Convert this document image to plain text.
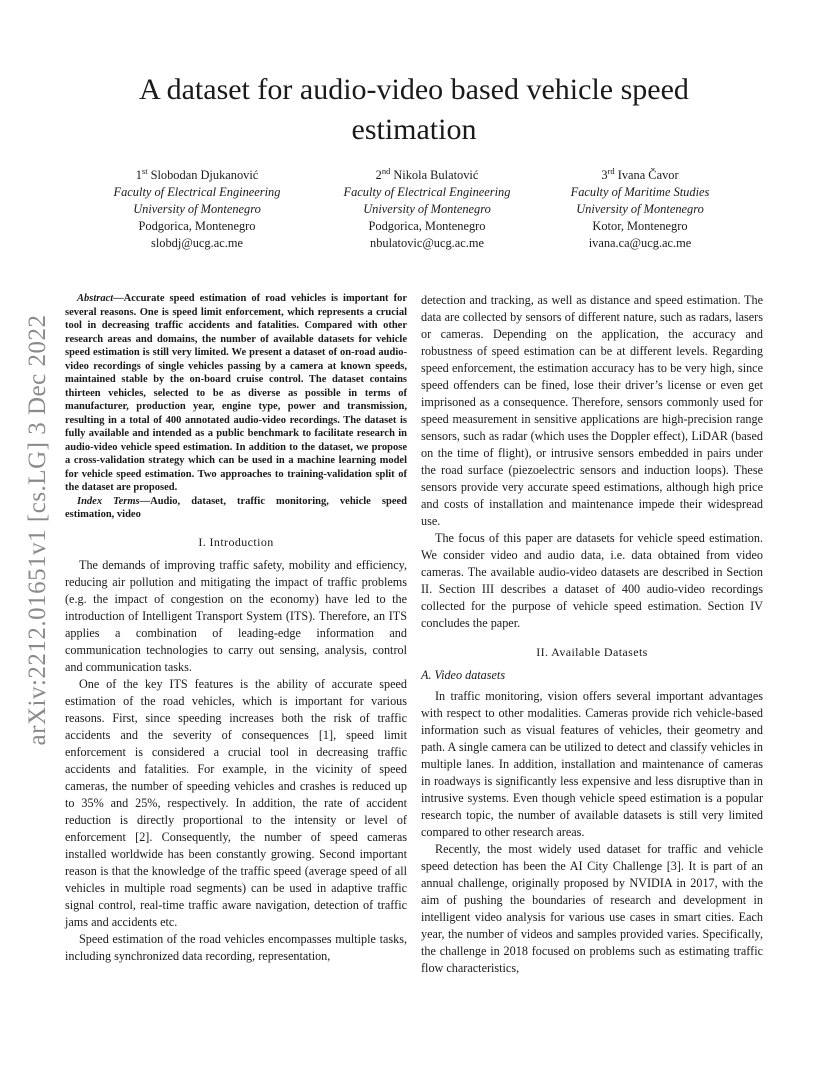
arXiv:2212.01651v1 [cs.LG] 3 Dec 2022
A dataset for audio-video based vehicle speed estimation
1st Slobodan Djukanović
Faculty of Electrical Engineering
University of Montenegro
Podgorica, Montenegro
slobdj@ucg.ac.me
2nd Nikola Bulatović
Faculty of Electrical Engineering
University of Montenegro
Podgorica, Montenegro
nbulatovic@ucg.ac.me
3rd Ivana Čavor
Faculty of Maritime Studies
University of Montenegro
Kotor, Montenegro
ivana.ca@ucg.ac.me

Abstract—Accurate speed estimation of road vehicles is important for several reasons. One is speed limit enforcement, which represents a crucial tool in decreasing traffic accidents and fatalities. Compared with other research areas and domains, the number of available datasets for vehicle speed estimation is still very limited. We present a dataset of on-road audio-video recordings of single vehicles passing by a camera at known speeds, maintained stable by the on-board cruise control. The dataset contains thirteen vehicles, selected to be as diverse as possible in terms of manufacturer, production year, engine type, power and transmission, resulting in a total of 400 annotated audio-video recordings. The dataset is fully available and intended as a public benchmark to facilitate research in audio-video vehicle speed estimation. In addition to the dataset, we propose a cross-validation strategy which can be used in a machine learning model for vehicle speed estimation. Two approaches to training-validation split of the dataset are proposed.

Index Terms—Audio, dataset, traffic monitoring, vehicle speed estimation, video

I. Introduction

The demands of improving traffic safety, mobility and efficiency, reducing air pollution and mitigating the impact of traffic problems (e.g. the impact of congestion on the economy) have led to the introduction of Intelligent Transport System (ITS). Therefore, an ITS applies a combination of leading-edge information and communication technologies to carry out sensing, analysis, control and communication tasks.

One of the key ITS features is the ability of accurate speed estimation of the road vehicles, which is important for various reasons. First, since speeding increases both the risk of traffic accidents and the severity of consequences [1], speed limit enforcement is considered a crucial tool in decreasing traffic accidents and fatalities. For example, in the vicinity of speed cameras, the number of speeding vehicles and crashes is reduced up to 35% and 25%, respectively. In addition, the rate of accident reduction is directly proportional to the intensity or level of enforcement [2]. Consequently, the number of speed cameras installed worldwide has been constantly growing. Second important reason is that the knowledge of the traffic speed (average speed of all vehicles in multiple road segments) can be used in adaptive traffic signal control, real-time traffic aware navigation, detection of traffic jams and accidents etc.

Speed estimation of the road vehicles encompasses multiple tasks, including synchronized data recording, representation,

detection and tracking, as well as distance and speed estimation. The data are collected by sensors of different nature, such as radars, lasers or cameras. Depending on the application, the accuracy and robustness of speed estimation can be at different levels. Regarding speed enforcement, the estimation accuracy has to be very high, since speed offenders can be fined, lose their driver’s license or even get imprisoned as a consequence. Therefore, sensors commonly used for speed measurement in sensitive applications are high-precision range sensors, such as radar (which uses the Doppler effect), LiDAR (based on the time of flight), or intrusive sensors embedded in pairs under the road surface (piezoelectric sensors and induction loops). These sensors provide very accurate speed estimations, although high price and costs of installation and maintenance impede their widespread use.

The focus of this paper are datasets for vehicle speed estimation. We consider video and audio data, i.e. data obtained from video cameras. The available audio-video datasets are described in Section II. Section III describes a dataset of 400 audio-video recordings collected for the purpose of vehicle speed estimation. Section IV concludes the paper.

II. Available Datasets
A. Video datasets

In traffic monitoring, vision offers several important advantages with respect to other modalities. Cameras provide rich vehicle-based information such as visual features of vehicles, their geometry and path. A single camera can be utilized to detect and classify vehicles in multiple lanes. In addition, installation and maintenance of cameras in roadways is significantly less expensive and less disruptive than in intrusive systems. Even though vehicle speed estimation is a popular research topic, the number of available datasets is still very limited compared to other research areas.

Recently, the most widely used dataset for traffic and vehicle speed detection has been the AI City Challenge [3]. It is part of an annual challenge, originally proposed by NVIDIA in 2017, with the aim of pushing the boundaries of research and development in intelligent video analysis for various use cases in smart cities. Each year, the number of videos and samples provided varies. Specifically, the challenge in 2018 focused on problems such as estimating traffic flow characteristics,
